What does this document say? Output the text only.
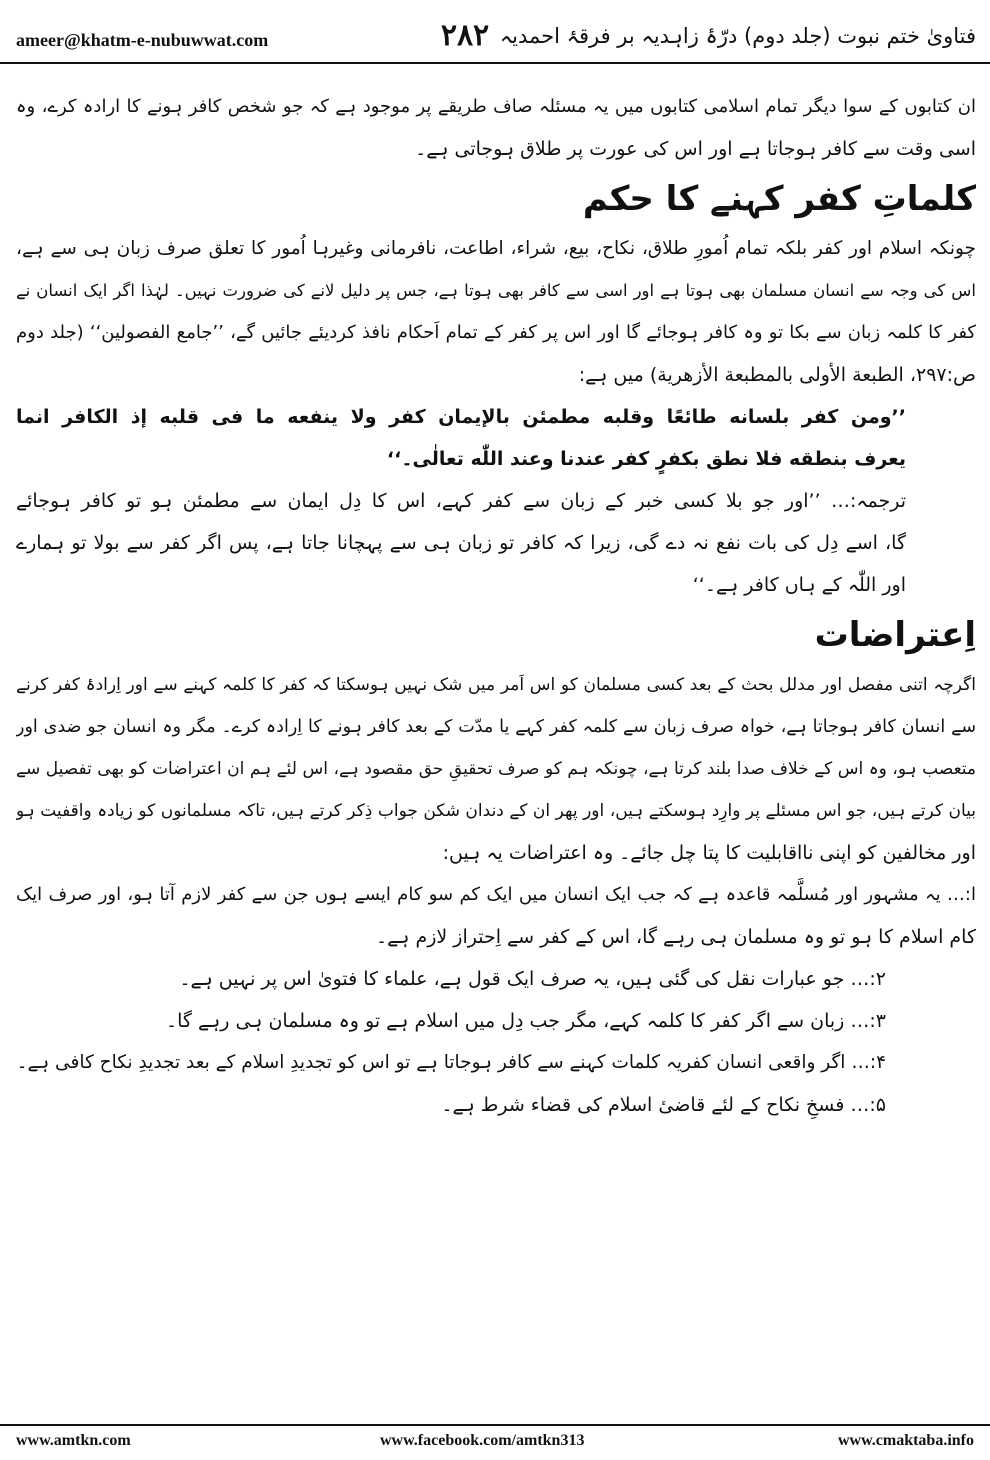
ameer@khatm-e-nubuwwat.com	۲۸۲ فتاویٰ ختم نبوت (جلد دوم) درّۂ زاہدیہ بر فرقۂ احمدیہ

ان کتابوں کے سوا دیگر تمام اسلامی کتابوں میں یہ مسئلہ صاف طریقے پر موجود ہے کہ جو شخص کافر ہونے کا ارادہ کرے، وہ

اسی وقت سے کافر ہوجاتا ہے اور اس کی عورت پر طلاق ہوجاتی ہے۔

کلماتِ کفر کہنے کا حکم

چونکہ اسلام اور کفر بلکہ تمام اُمورِ طلاق، نکاح، بیع، شراء، اطاعت، نافرمانی وغیرہا اُمور کا تعلق صرف زبان ہی سے ہے،

اس کی وجہ سے انسان مسلمان بھی ہوتا ہے اور اسی سے کافر بھی ہوتا ہے، جس پر دلیل لانے کی ضرورت نہیں۔ لہٰذا اگر ایک انسان نے

کفر کا کلمہ زبان سے بکا تو وہ کافر ہوجائے گا اور اس پر کفر کے تمام اَحکام نافذ کردیئے جائیں گے، ’’جامع الفصولین‘‘ (جلد دوم

ص:۲۹۷، الطبعة الأولی بالمطبعة الأزهرية) میں ہے:

’’ومن کفر بلسانه طائعًا وقلبه مطمئن بالإیمان کفر ولا ینفعه ما فی قلبه إذ الکافر انما

یعرف بنطقه فلا نطق بکفرٍ کفر عندنا وعند اللّٰه تعالٰی۔‘‘

ترجمہ:… ’’اور جو بلا کسی خبر کے زبان سے کفر کہے، اس کا دِل ایمان سے مطمئن ہو تو کافر ہوجائے

گا، اسے دِل کی بات نفع نہ دے گی، زیرا کہ کافر تو زبان ہی سے پہچانا جاتا ہے، پس اگر کفر سے بولا تو ہمارے

اور اللّٰہ کے ہاں کافر ہے۔‘‘

اِعتراضات

اگرچہ اتنی مفصل اور مدلل بحث کے بعد کسی مسلمان کو اس اَمر میں شک نہیں ہوسکتا کہ کفر کا کلمہ کہنے سے اور اِرادۂ کفر کرنے

سے انسان کافر ہوجاتا ہے، خواہ صرف زبان سے کلمہ کفر کہے یا مدّت کے بعد کافر ہونے کا اِرادہ کرے۔ مگر وہ انسان جو ضدی اور

متعصب ہو، وہ اس کے خلاف صدا بلند کرتا ہے، چونکہ ہم کو صرف تحقیقِ حق مقصود ہے، اس لئے ہم ان اعتراضات کو بھی تفصیل سے

بیان کرتے ہیں، جو اس مسئلے پر وارِد ہوسکتے ہیں، اور پھر ان کے دندان شکن جواب ذِکر کرتے ہیں، تاکہ مسلمانوں کو زیادہ واقفیت ہو

اور مخالفین کو اپنی نااقابلیت کا پتا چل جائے۔ وہ اعتراضات یہ ہیں:

ا:… یہ مشہور اور مُسلَّمہ قاعدہ ہے کہ جب ایک انسان میں ایک کم سو کام ایسے ہوں جن سے کفر لازم آتا ہو، اور صرف ایک

کام اسلام کا ہو تو وہ مسلمان ہی رہے گا، اس کے کفر سے اِحتراز لازم ہے۔

۲:… جو عبارات نقل کی گئی ہیں، یہ صرف ایک قول ہے، علماء کا فتویٰ اس پر نہیں ہے۔

۳:… زبان سے اگر کفر کا کلمہ کہے، مگر جب دِل میں اسلام ہے تو وہ مسلمان ہی رہے گا۔

۴:… اگر واقعی انسان کفریہ کلمات کہنے سے کافر ہوجاتا ہے تو اس کو تجدیدِ اسلام کے بعد تجدیدِ نکاح کافی ہے۔

۵:… فسخِ نکاح کے لئے قاضیٔ اسلام کی قضاء شرط ہے۔

www.amtkn.com	www.facebook.com/amtkn313	www.cmaktaba.info
